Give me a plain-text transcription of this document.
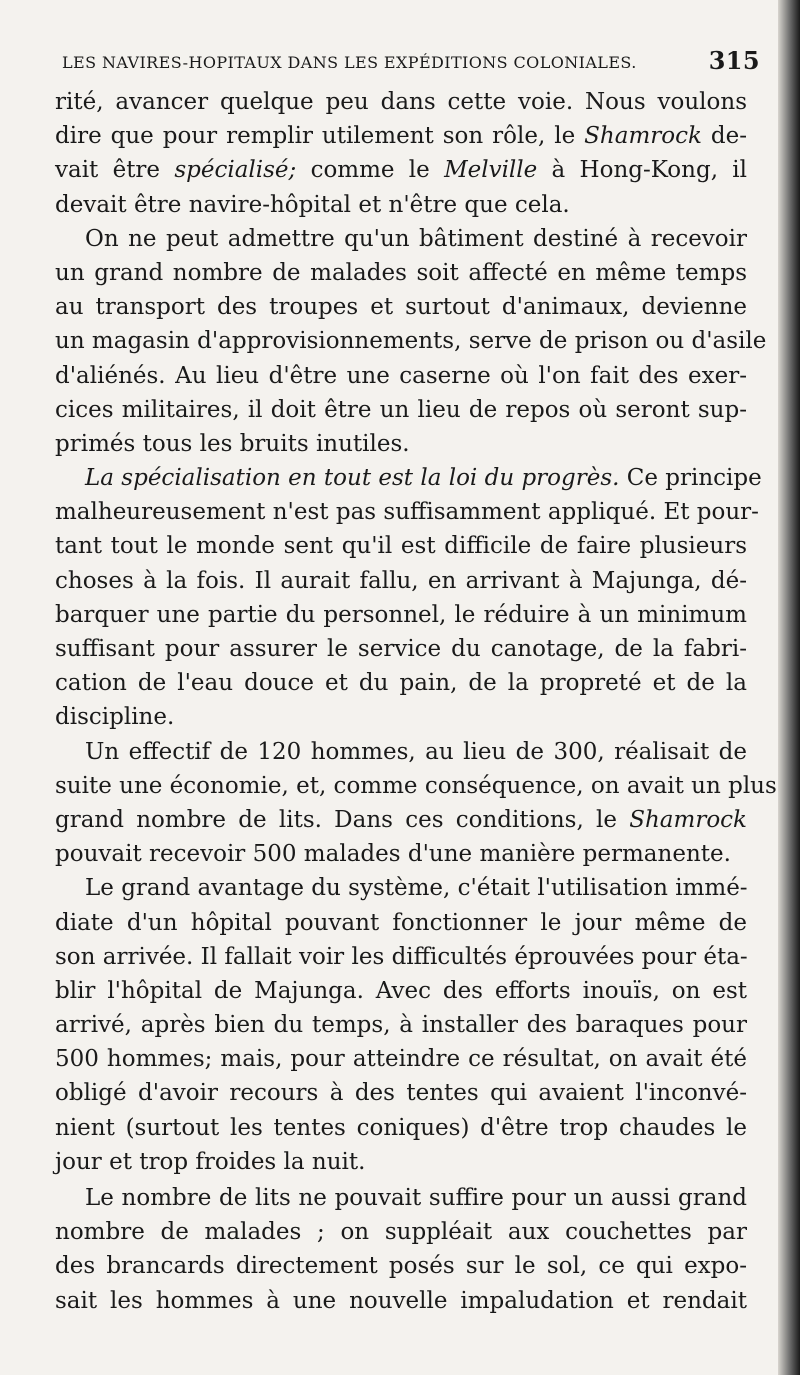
LES NAVIRES-HOPITAUX DANS LES EXPÉDITIONS COLONIALES.	315
rité, avancer quelque peu dans cette voie. Nous voulons
dire que pour remplir utilement son rôle, le Shamrock de-
vait être spécialisé; comme le Melville à Hong-Kong, il
devait être navire-hôpital et n'être que cela.
On ne peut admettre qu'un bâtiment destiné à recevoir
un grand nombre de malades soit affecté en même temps
au transport des troupes et surtout d'animaux, devienne
un magasin d'approvisionnements, serve de prison ou d'asile
d'aliénés. Au lieu d'être une caserne où l'on fait des exer-
cices militaires, il doit être un lieu de repos où seront sup-
primés tous les bruits inutiles.
La spécialisation en tout est la loi du progrès. Ce principe
malheureusement n'est pas suffisamment appliqué. Et pour-
tant tout le monde sent qu'il est difficile de faire plusieurs
choses à la fois. Il aurait fallu, en arrivant à Majunga, dé-
barquer une partie du personnel, le réduire à un minimum
suffisant pour assurer le service du canotage, de la fabri-
cation de l'eau douce et du pain, de la propreté et de la
discipline.
Un effectif de 120 hommes, au lieu de 300, réalisait de
suite une économie, et, comme conséquence, on avait un plus
grand nombre de lits. Dans ces conditions, le Shamrock
pouvait recevoir 500 malades d'une manière permanente.
Le grand avantage du système, c'était l'utilisation immé-
diate d'un hôpital pouvant fonctionner le jour même de
son arrivée. Il fallait voir les difficultés éprouvées pour éta-
blir l'hôpital de Majunga. Avec des efforts inouïs, on est
arrivé, après bien du temps, à installer des baraques pour
500 hommes; mais, pour atteindre ce résultat, on avait été
obligé d'avoir recours à des tentes qui avaient l'inconvé-
nient (surtout les tentes coniques) d'être trop chaudes le
jour et trop froides la nuit.
Le nombre de lits ne pouvait suffire pour un aussi grand
nombre de malades ; on suppléait aux couchettes par
des brancards directement posés sur le sol, ce qui expo-
sait les hommes à une nouvelle impaludation et rendait
